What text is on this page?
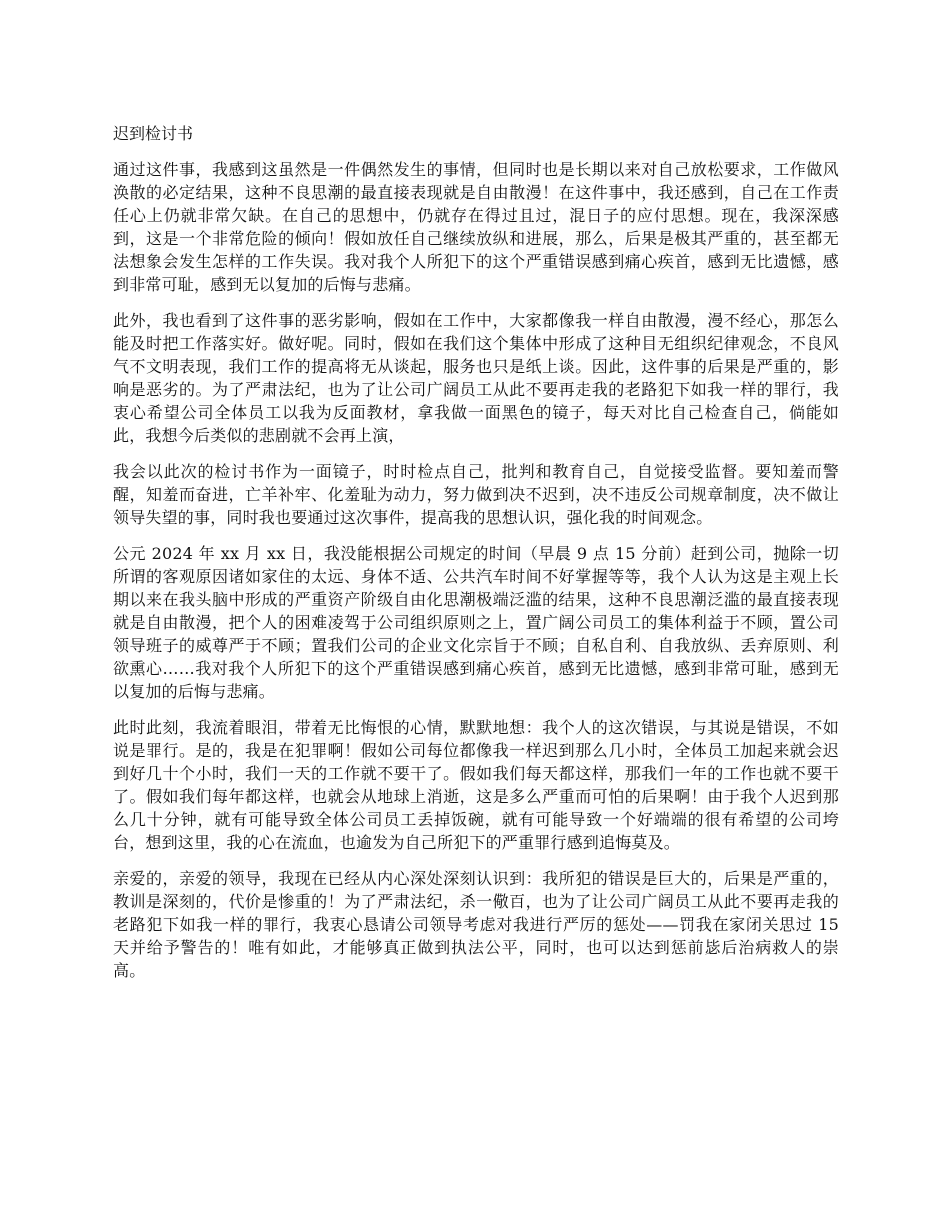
迟到检讨书

通过这件事，我感到这虽然是一件偶然发生的事情，但同时也是长期以来对自己放松要求，工作做风涣散的必定结果，这种不良思潮的最直接表现就是自由散漫！在这件事中，我还感到，自己在工作责任心上仍就非常欠缺。在自己的思想中，仍就存在得过且过，混日子的应付思想。现在，我深深感到，这是一个非常危险的倾向！假如放任自己继续放纵和进展，那么，后果是极其严重的，甚至都无法想象会发生怎样的工作失误。我对我个人所犯下的这个严重错误感到痛心疾首，感到无比遗憾，感到非常可耻，感到无以复加的后悔与悲痛。

此外，我也看到了这件事的恶劣影响，假如在工作中，大家都像我一样自由散漫，漫不经心，那怎么能及时把工作落实好。做好呢。同时，假如在我们这个集体中形成了这种目无组织纪律观念，不良风气不文明表现，我们工作的提高将无从谈起，服务也只是纸上谈。因此，这件事的后果是严重的，影响是恶劣的。为了严肃法纪，也为了让公司广阔员工从此不要再走我的老路犯下如我一样的罪行，我衷心希望公司全体员工以我为反面教材，拿我做一面黑色的镜子，每天对比自己检查自己，倘能如此，我想今后类似的悲剧就不会再上演，

我会以此次的检讨书作为一面镜子，时时检点自己，批判和教育自己，自觉接受监督。要知羞而警醒，知羞而奋进，亡羊补牢、化羞耻为动力，努力做到决不迟到，决不违反公司规章制度，决不做让领导失望的事，同时我也要通过这次事件，提高我的思想认识，强化我的时间观念。

公元 2024 年 xx 月 xx 日，我没能根据公司规定的时间（早晨 9 点 15 分前）赶到公司，抛除一切所谓的客观原因诸如家住的太远、身体不适、公共汽车时间不好掌握等等，我个人认为这是主观上长期以来在我头脑中形成的严重资产阶级自由化思潮极端泛滥的结果，这种不良思潮泛滥的最直接表现就是自由散漫，把个人的困难凌驾于公司组织原则之上，置广阔公司员工的集体利益于不顾，置公司领导班子的威尊严于不顾；置我们公司的企业文化宗旨于不顾；自私自利、自我放纵、丢弃原则、利欲熏心……我对我个人所犯下的这个严重错误感到痛心疾首，感到无比遗憾，感到非常可耻，感到无以复加的后悔与悲痛。

此时此刻，我流着眼泪，带着无比悔恨的心情，默默地想：我个人的这次错误，与其说是错误，不如说是罪行。是的，我是在犯罪啊！假如公司每位都像我一样迟到那么几小时，全体员工加起来就会迟到好几十个小时，我们一天的工作就不要干了。假如我们每天都这样，那我们一年的工作也就不要干了。假如我们每年都这样，也就会从地球上消逝，这是多么严重而可怕的后果啊！由于我个人迟到那么几十分钟，就有可能导致全体公司员工丢掉饭碗，就有可能导致一个好端端的很有希望的公司垮台，想到这里，我的心在流血，也逾发为自己所犯下的严重罪行感到追悔莫及。

亲爱的，亲爱的领导，我现在已经从内心深处深刻认识到：我所犯的错误是巨大的，后果是严重的，教训是深刻的，代价是惨重的！为了严肃法纪，杀一儆百，也为了让公司广阔员工从此不要再走我的老路犯下如我一样的罪行，我衷心恳请公司领导考虑对我进行严厉的惩处——罚我在家闭关思过 15 天并给予警告的！唯有如此，才能够真正做到执法公平，同时，也可以达到惩前毖后治病救人的崇高。
